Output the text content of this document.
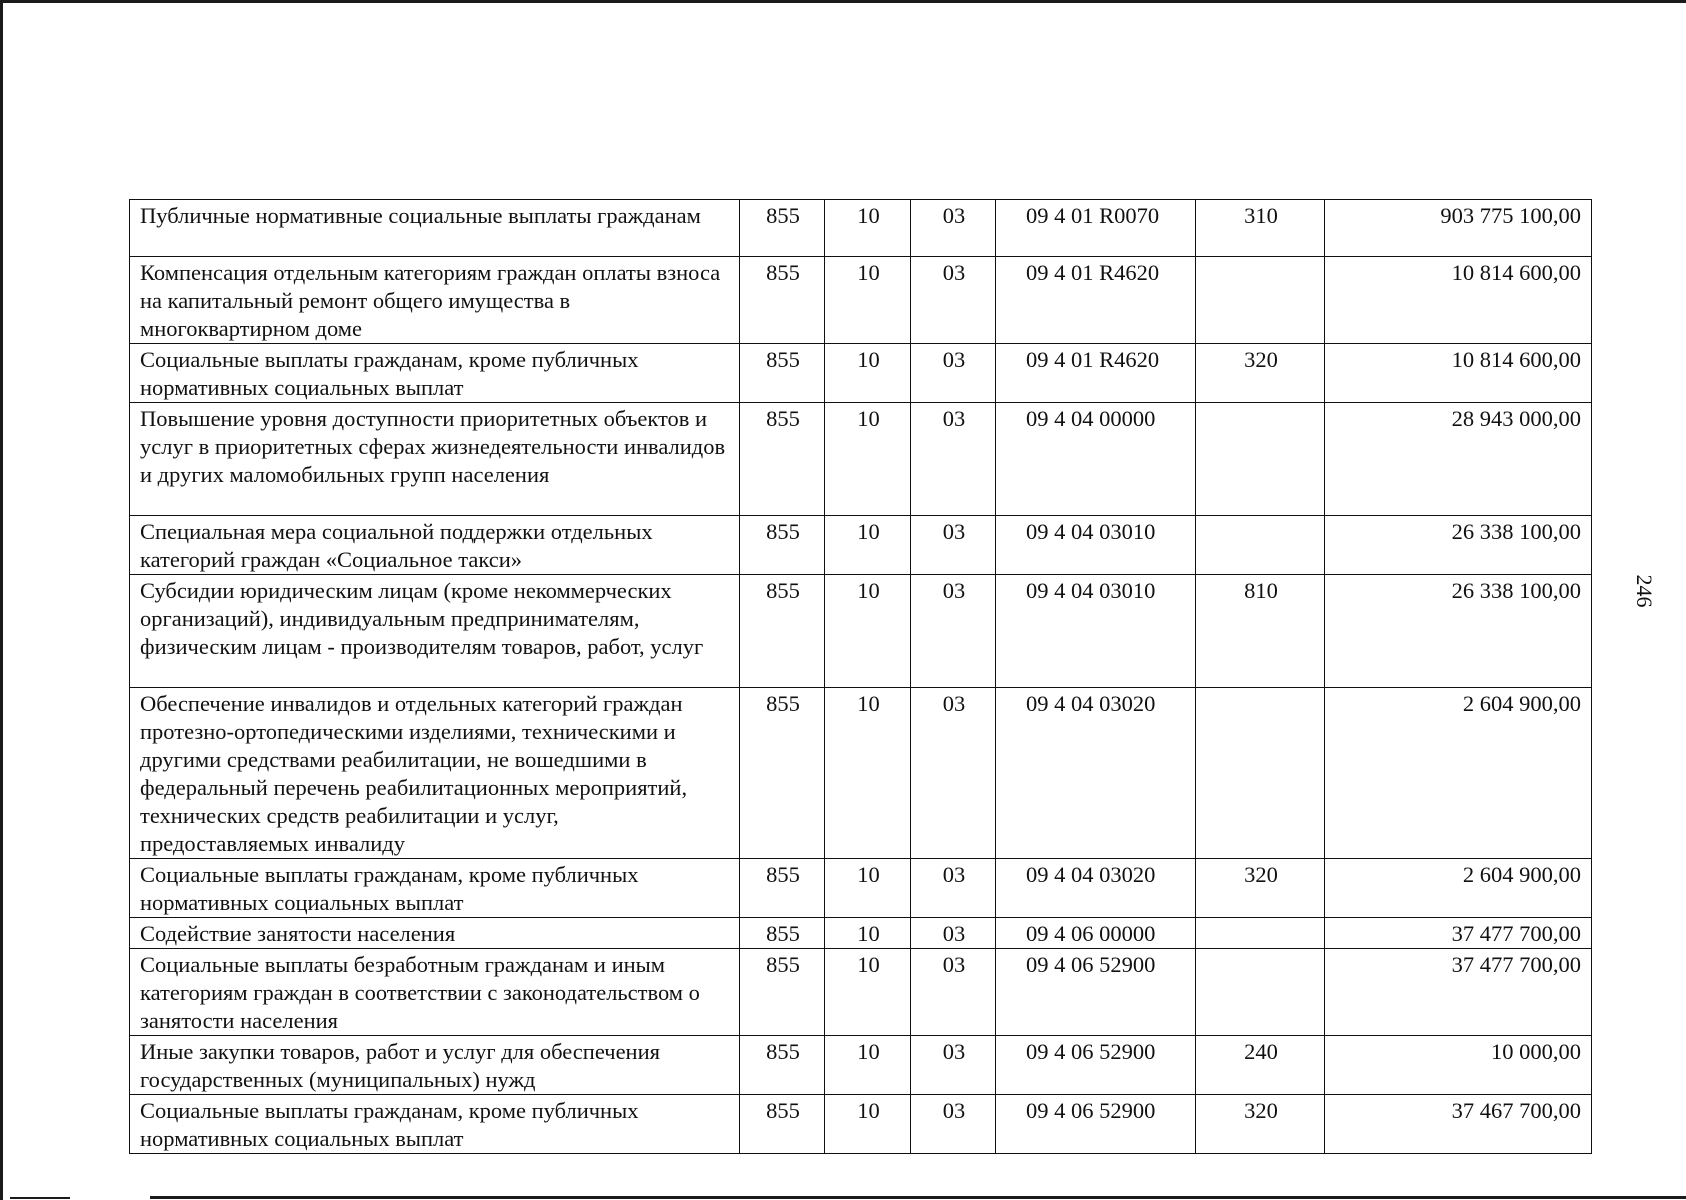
Публичные нормативные социальные выплаты гражданам	855	10	03	09 4 01 R0070	310	903 775 100,00
Компенсация отдельным категориям граждан оплаты взноса на капитальный ремонт общего имущества в многоквартирном доме	855	10	03	09 4 01 R4620		10 814 600,00
Социальные выплаты гражданам, кроме публичных нормативных социальных выплат	855	10	03	09 4 01 R4620	320	10 814 600,00
Повышение уровня доступности приоритетных объектов и услуг в приоритетных сферах жизнедеятельности инвалидов и других маломобильных групп населения	855	10	03	09 4 04 00000		28 943 000,00
Специальная мера социальной поддержки отдельных категорий граждан «Социальное такси»	855	10	03	09 4 04 03010		26 338 100,00
Субсидии юридическим лицам (кроме некоммерческих организаций), индивидуальным предпринимателям, физическим лицам - производителям товаров, работ, услуг	855	10	03	09 4 04 03010	810	26 338 100,00
Обеспечение инвалидов и отдельных категорий граждан протезно-ортопедическими изделиями, техническими и другими средствами реабилитации, не вошедшими в федеральный перечень реабилитационных мероприятий, технических средств реабилитации и услуг, предоставляемых инвалиду	855	10	03	09 4 04 03020		2 604 900,00
Социальные выплаты гражданам, кроме публичных нормативных социальных выплат	855	10	03	09 4 04 03020	320	2 604 900,00
Содействие занятости населения	855	10	03	09 4 06 00000		37 477 700,00
Социальные выплаты безработным гражданам и иным категориям граждан в соответствии с законодательством о занятости населения	855	10	03	09 4 06 52900		37 477 700,00
Иные закупки товаров, работ и услуг для обеспечения государственных (муниципальных) нужд	855	10	03	09 4 06 52900	240	10 000,00
Социальные выплаты гражданам, кроме публичных нормативных социальных выплат	855	10	03	09 4 06 52900	320	37 467 700,00
246
